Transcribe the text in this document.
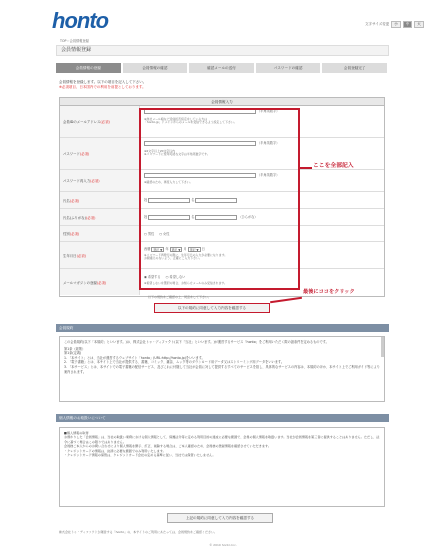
honto	文字サイズ変更	小	中	大
TOP›会員情報登録
会員情報登録
会員情報の登録	会員情報の確認	確認メールの送付	パスワードの確認	会員登録完了
会員情報を登録します。以下の項目を記入して下さい。
※必須項目、日本国内での利用を前提としております。
会員情報入力
会員IDのメールアドレス (必須)
（半角英数字）
※他社メール時など受信拒否設定をしている方は
「honto.jp」ドメインからのメールを受信できるよう設定して下さい。
パスワード (必須)
（半角英数字）
※6文字以上20文字以内
※パスワードに使用可能な文字は半角英数字です。
パスワード再入力 (必須)
（半角英数字）
※確認のため、再度入力して下さい。
氏名 (必須)	姓	名
氏名(ふりがな) (必須)	姓	名	（ひらがな）
性別 (必須)	○ 男性 ○ 女性
生年月日 (必須)
西暦 選択 ▼ 年 選択 ▼ 月 選択 ▼ 日
※パスワード再発行の際に、生年月日の入力が必要になります。
お間違えのないよう、正確にご入力下さい。
メールマガジンの登録 (必須)
◉ 希望する ○ 希望しない
※希望しないを選択の場合、お知らせメールのみ受信されます。
ここを全部記入
以下の規約をご確認の上、同意をして下さい。
以下の規約に同意して入力内容を確認する
最後にココをクリック
会員規約
この会員規約(以下「本規約」といいます。)は、株式会社トゥ・ディファクト(以下「当社」といいます。)が運営するサービス「honto」をご利用いただく際の諸条件を定めるものです。
第1条（総則）
第1条(定義)
1. 「本サイト」とは、当社が運営するウェブサイト「honto」(URL:http://honto.jp)をいいます。
2. 「電子書籍」とは、本サイト上で当社が提供する、書籍、コミック、雑誌、ムック等のダウンロード用データ又はストリーミング用データをいいます。
3. 「本サービス」とは、本サイトでの電子書籍の配信サービス、及びこれに付随して当社が会員に対して提供するすべてのサービスを指し、具体的なサービスの内容は、本規約のほか、本サイト上でご利用ガイド等により案内されます。
個人情報のお取扱いについて
■個人情報の取得
お預かりした「会員情報」は、当社の取扱い業務における個人情報として、保護法令等に定める利用目的の達成に必要な範囲で、会員の個人情報を取扱います。当社が会員情報を第三者に提供することはありません。ただし、法令に基づく場合はこの限りではありません。
会員様ご本人からのお問い合わせにより個人情報を開示、訂正、削除する場合は、ご本人確認のため、会員様の登録情報を確認させていただきます。
・クレジットカードの情報は、決済に必要な範囲でのみ利用いたします。
・クレジットカード情報の保管は、クレジットカード会社の定める基準に従い、当社では保管いたしません。
上記の規約に同意して入力内容を確認する
株式会社トゥ・ディファクトが運営する「honto」の、本サイトのご利用にあたっては、会員規約をご確認ください。
© 2010 honto Inc.
